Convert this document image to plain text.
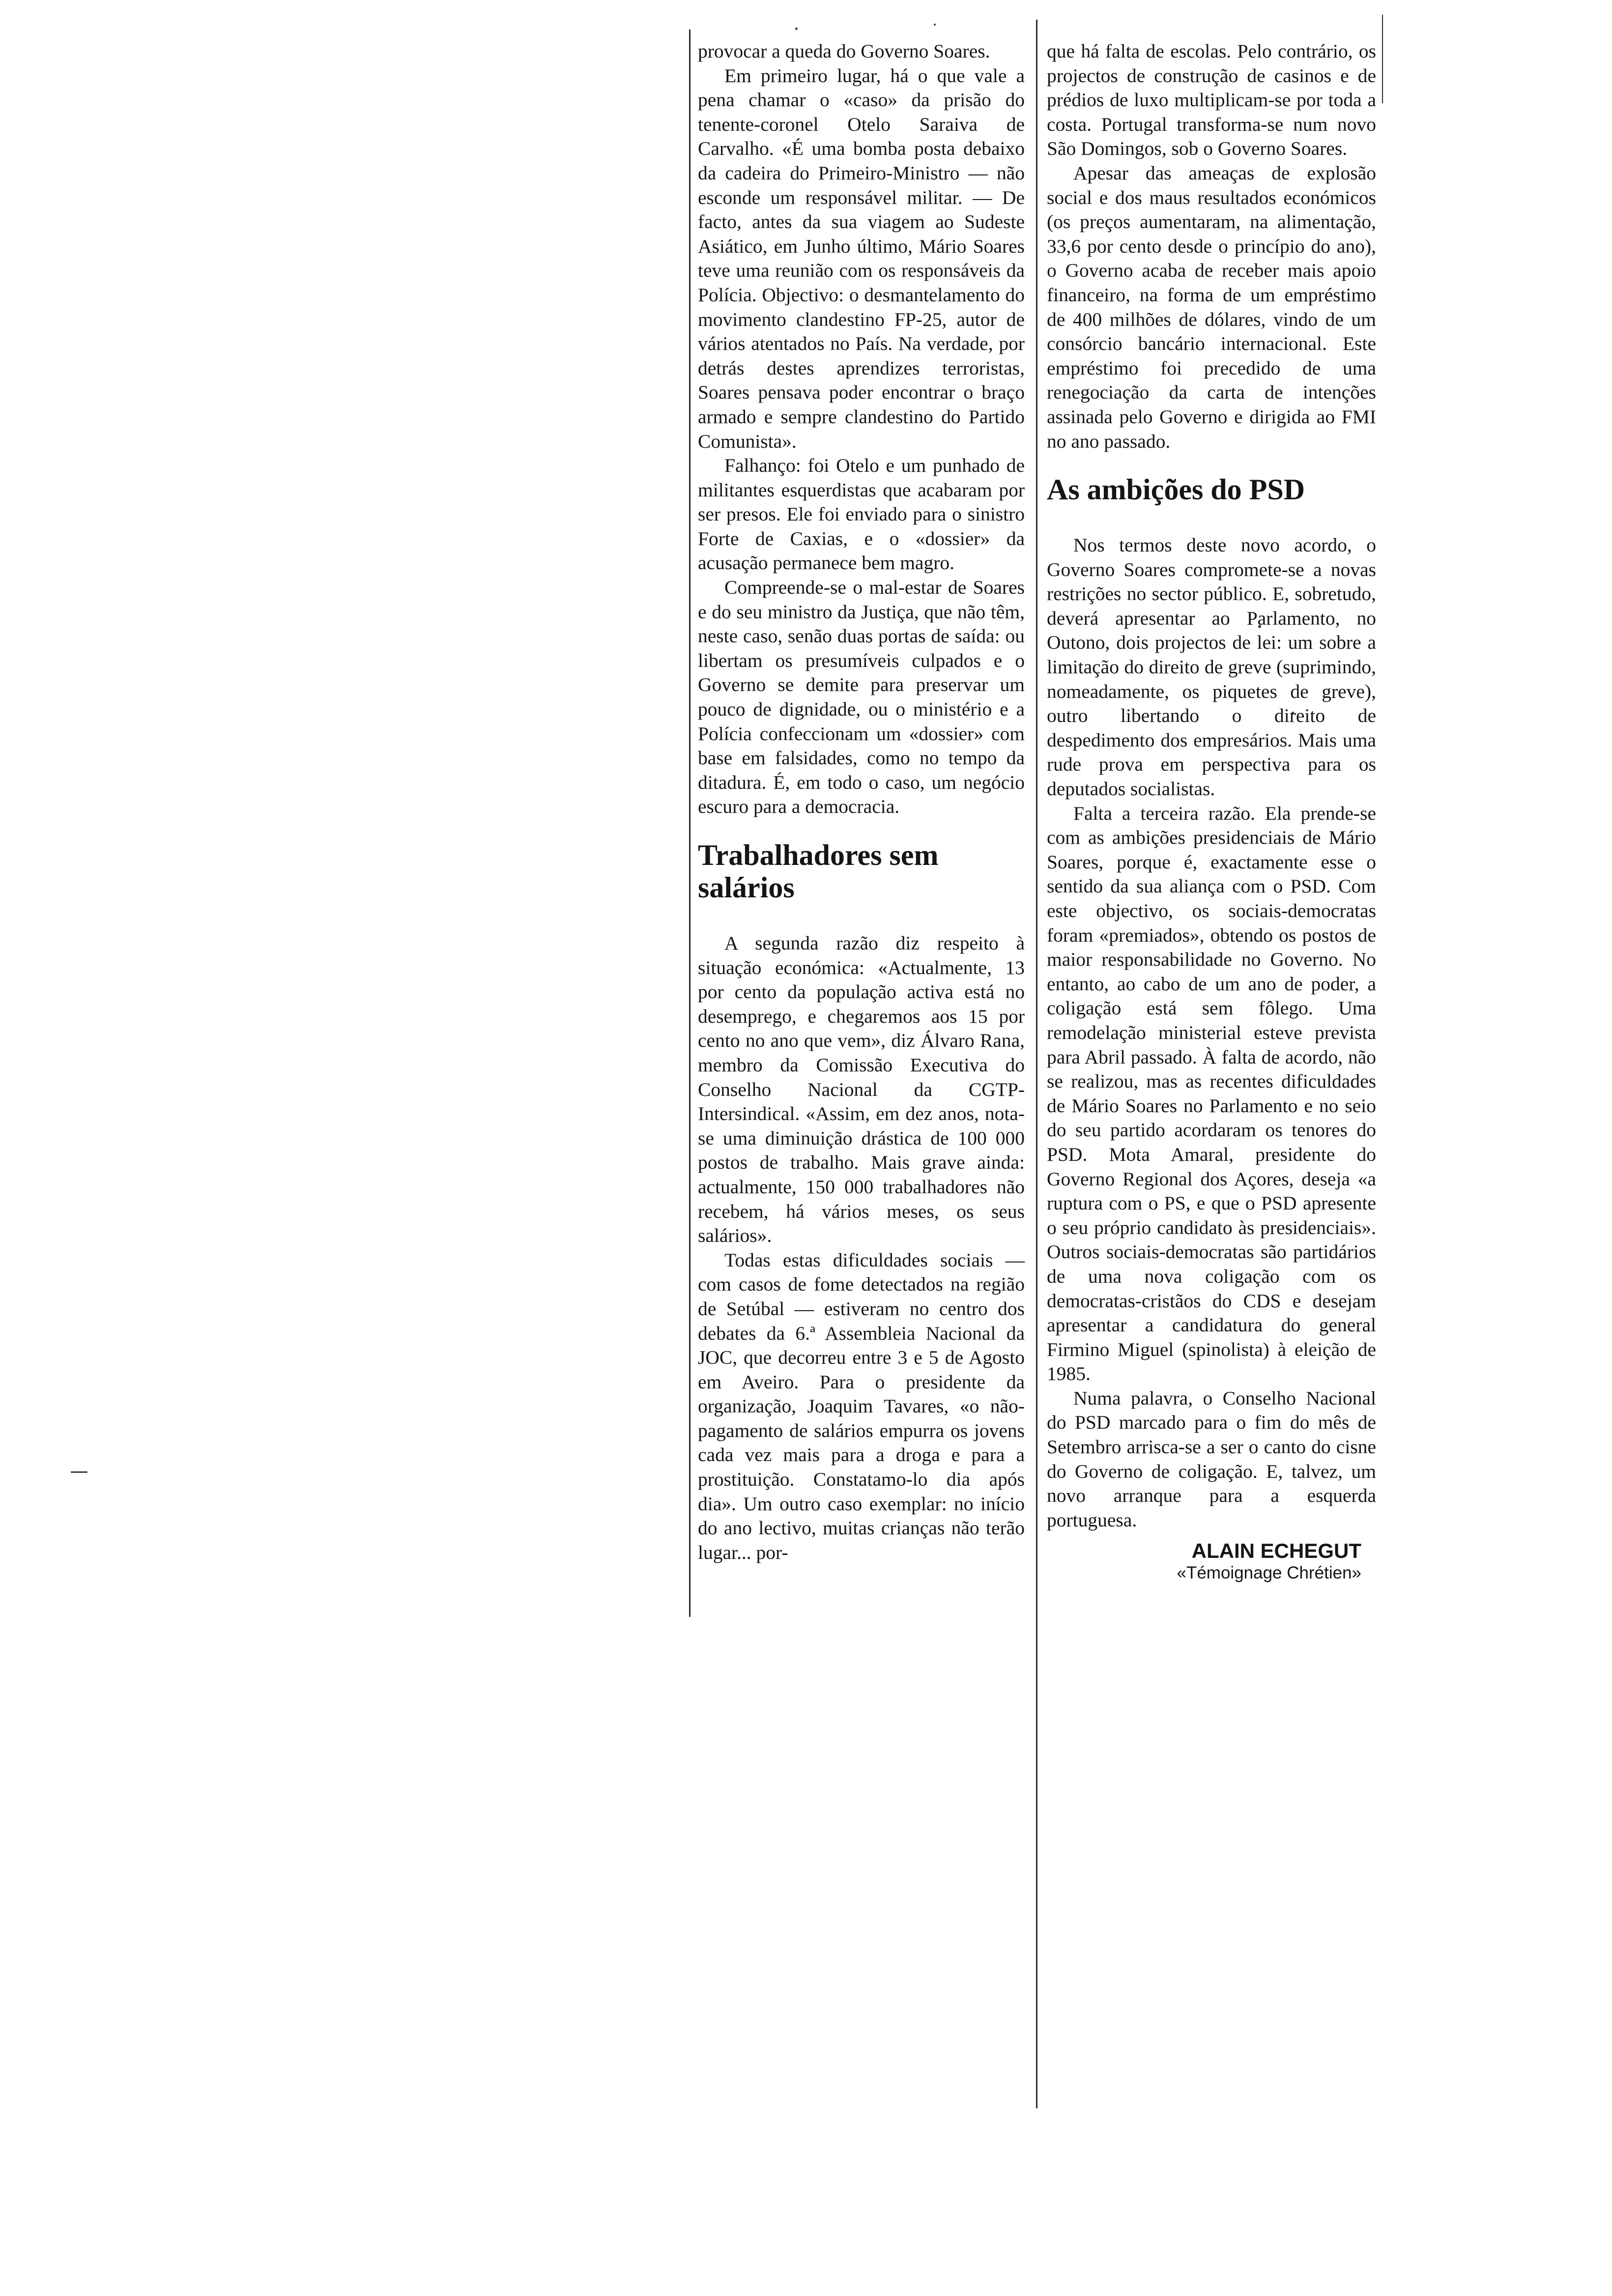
provocar a queda do Governo Soares.

Em primeiro lugar, há o que vale a pena chamar o «caso» da prisão do tenente-coronel Otelo Saraiva de Carvalho. «É uma bomba posta debaixo da cadeira do Primeiro-Ministro — não esconde um responsável militar. — De facto, antes da sua viagem ao Sudeste Asiático, em Junho último, Mário Soares teve uma reunião com os responsáveis da Polícia. Objectivo: o desmantelamento do movimento clandestino FP-25, autor de vários atentados no País. Na verdade, por detrás destes aprendizes terroristas, Soares pensava poder encontrar o braço armado e sempre clandestino do Partido Comunista».

Falhanço: foi Otelo e um punhado de militantes esquerdistas que acabaram por ser presos. Ele foi enviado para o sinistro Forte de Caxias, e o «dossier» da acusação permanece bem magro.

Compreende-se o mal-estar de Soares e do seu ministro da Justiça, que não têm, neste caso, senão duas portas de saída: ou libertam os presumíveis culpados e o Governo se demite para preservar um pouco de dignidade, ou o ministério e a Polícia confeccionam um «dossier» com base em falsidades, como no tempo da ditadura. É, em todo o caso, um negócio escuro para a democracia.

Trabalhadores sem salários

A segunda razão diz respeito à situação económica: «Actualmente, 13 por cento da população activa está no desemprego, e chegaremos aos 15 por cento no ano que vem», diz Álvaro Rana, membro da Comissão Executiva do Conselho Nacional da CGTP-Intersindical. «Assim, em dez anos, nota-se uma diminuição drástica de 100 000 postos de trabalho. Mais grave ainda: actualmente, 150 000 trabalhadores não recebem, há vários meses, os seus salários».

Todas estas dificuldades sociais — com casos de fome detectados na região de Setúbal — estiveram no centro dos debates da 6.ª Assembleia Nacional da JOC, que decorreu entre 3 e 5 de Agosto em Aveiro. Para o presidente da organização, Joaquim Tavares, «o não-pagamento de salários empurra os jovens cada vez mais para a droga e para a prostituição. Constatamo-lo dia após dia». Um outro caso exemplar: no início do ano lectivo, muitas crianças não terão lugar... por-

que há falta de escolas. Pelo contrário, os projectos de construção de casinos e de prédios de luxo multiplicam-se por toda a costa. Portugal transforma-se num novo São Domingos, sob o Governo Soares.

Apesar das ameaças de explosão social e dos maus resultados económicos (os preços aumentaram, na alimentação, 33,6 por cento desde o princípio do ano), o Governo acaba de receber mais apoio financeiro, na forma de um empréstimo de 400 milhões de dólares, vindo de um consórcio bancário internacional. Este empréstimo foi precedido de uma renegociação da carta de intenções assinada pelo Governo e dirigida ao FMI no ano passado.

As ambições do PSD

Nos termos deste novo acordo, o Governo Soares compromete-se a novas restrições no sector público. E, sobretudo, deverá apresentar ao Parlamento, no Outono, dois projectos de lei: um sobre a limitação do direito de greve (suprimindo, nomeadamente, os piquetes de greve), outro libertando o direito de despedimento dos empresários. Mais uma rude prova em perspectiva para os deputados socialistas.

Falta a terceira razão. Ela prende-se com as ambições presidenciais de Mário Soares, porque é, exactamente esse o sentido da sua aliança com o PSD. Com este objectivo, os sociais-democratas foram «premiados», obtendo os postos de maior responsabilidade no Governo. No entanto, ao cabo de um ano de poder, a coligação está sem fôlego. Uma remodelação ministerial esteve prevista para Abril passado. À falta de acordo, não se realizou, mas as recentes dificuldades de Mário Soares no Parlamento e no seio do seu partido acordaram os tenores do PSD. Mota Amaral, presidente do Governo Regional dos Açores, deseja «a ruptura com o PS, e que o PSD apresente o seu próprio candidato às presidenciais». Outros sociais-democratas são partidários de uma nova coligação com os democratas-cristãos do CDS e desejam apresentar a candidatura do general Firmino Miguel (spinolista) à eleição de 1985.

Numa palavra, o Conselho Nacional do PSD marcado para o fim do mês de Setembro arrisca-se a ser o canto do cisne do Governo de coligação. E, talvez, um novo arranque para a esquerda portuguesa.

ALAIN ECHEGUT
«Témoignage Chrétien»
